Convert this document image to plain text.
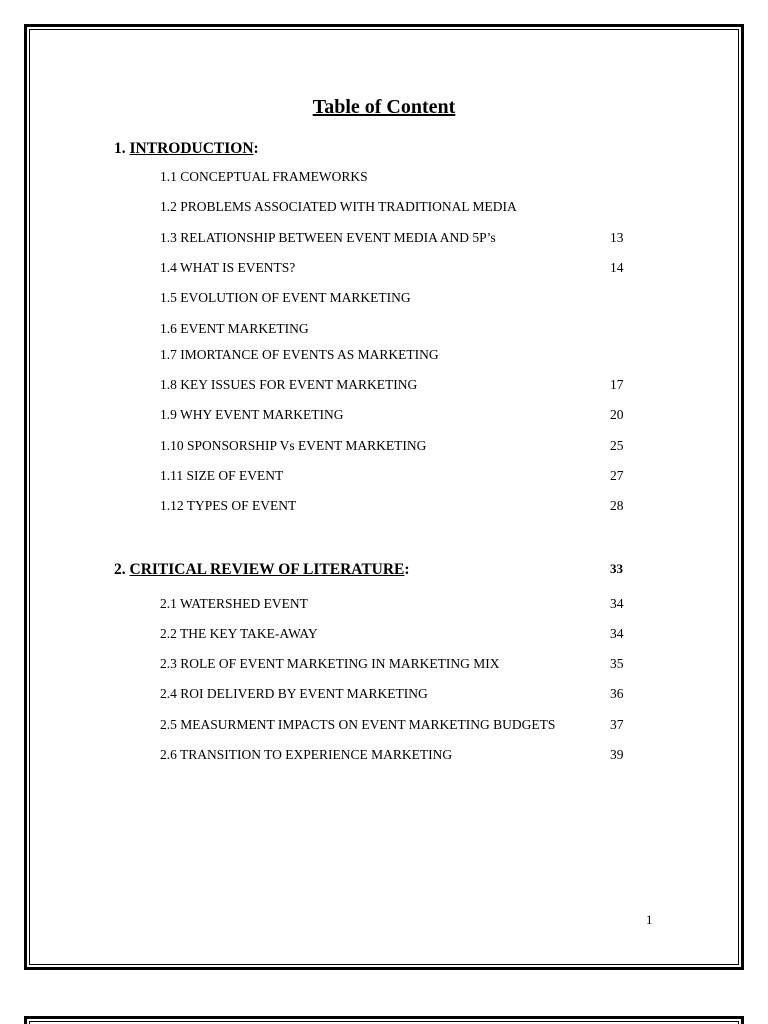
Table of Content
1. INTRODUCTION:
1.1 CONCEPTUAL FRAMEWORKS
1.2 PROBLEMS ASSOCIATED WITH TRADITIONAL MEDIA
1.3 RELATIONSHIP BETWEEN EVENT MEDIA AND 5P’s	13
1.4 WHAT IS EVENTS?	14
1.5 EVOLUTION OF EVENT MARKETING
1.6 EVENT MARKETING
1.7 IMORTANCE OF EVENTS AS MARKETING
1.8 KEY ISSUES FOR EVENT MARKETING	17
1.9 WHY EVENT MARKETING	20
1.10 SPONSORSHIP Vs EVENT MARKETING	25
1.11 SIZE OF EVENT	27
1.12 TYPES OF EVENT	28
2. CRITICAL REVIEW OF LITERATURE:	33
2.1 WATERSHED EVENT	34
2.2 THE KEY TAKE-AWAY	34
2.3 ROLE OF EVENT MARKETING IN MARKETING MIX	35
2.4 ROI DELIVERD BY EVENT MARKETING	36
2.5 MEASURMENT IMPACTS ON EVENT MARKETING BUDGETS	37
2.6 TRANSITION TO EXPERIENCE MARKETING	39
1
